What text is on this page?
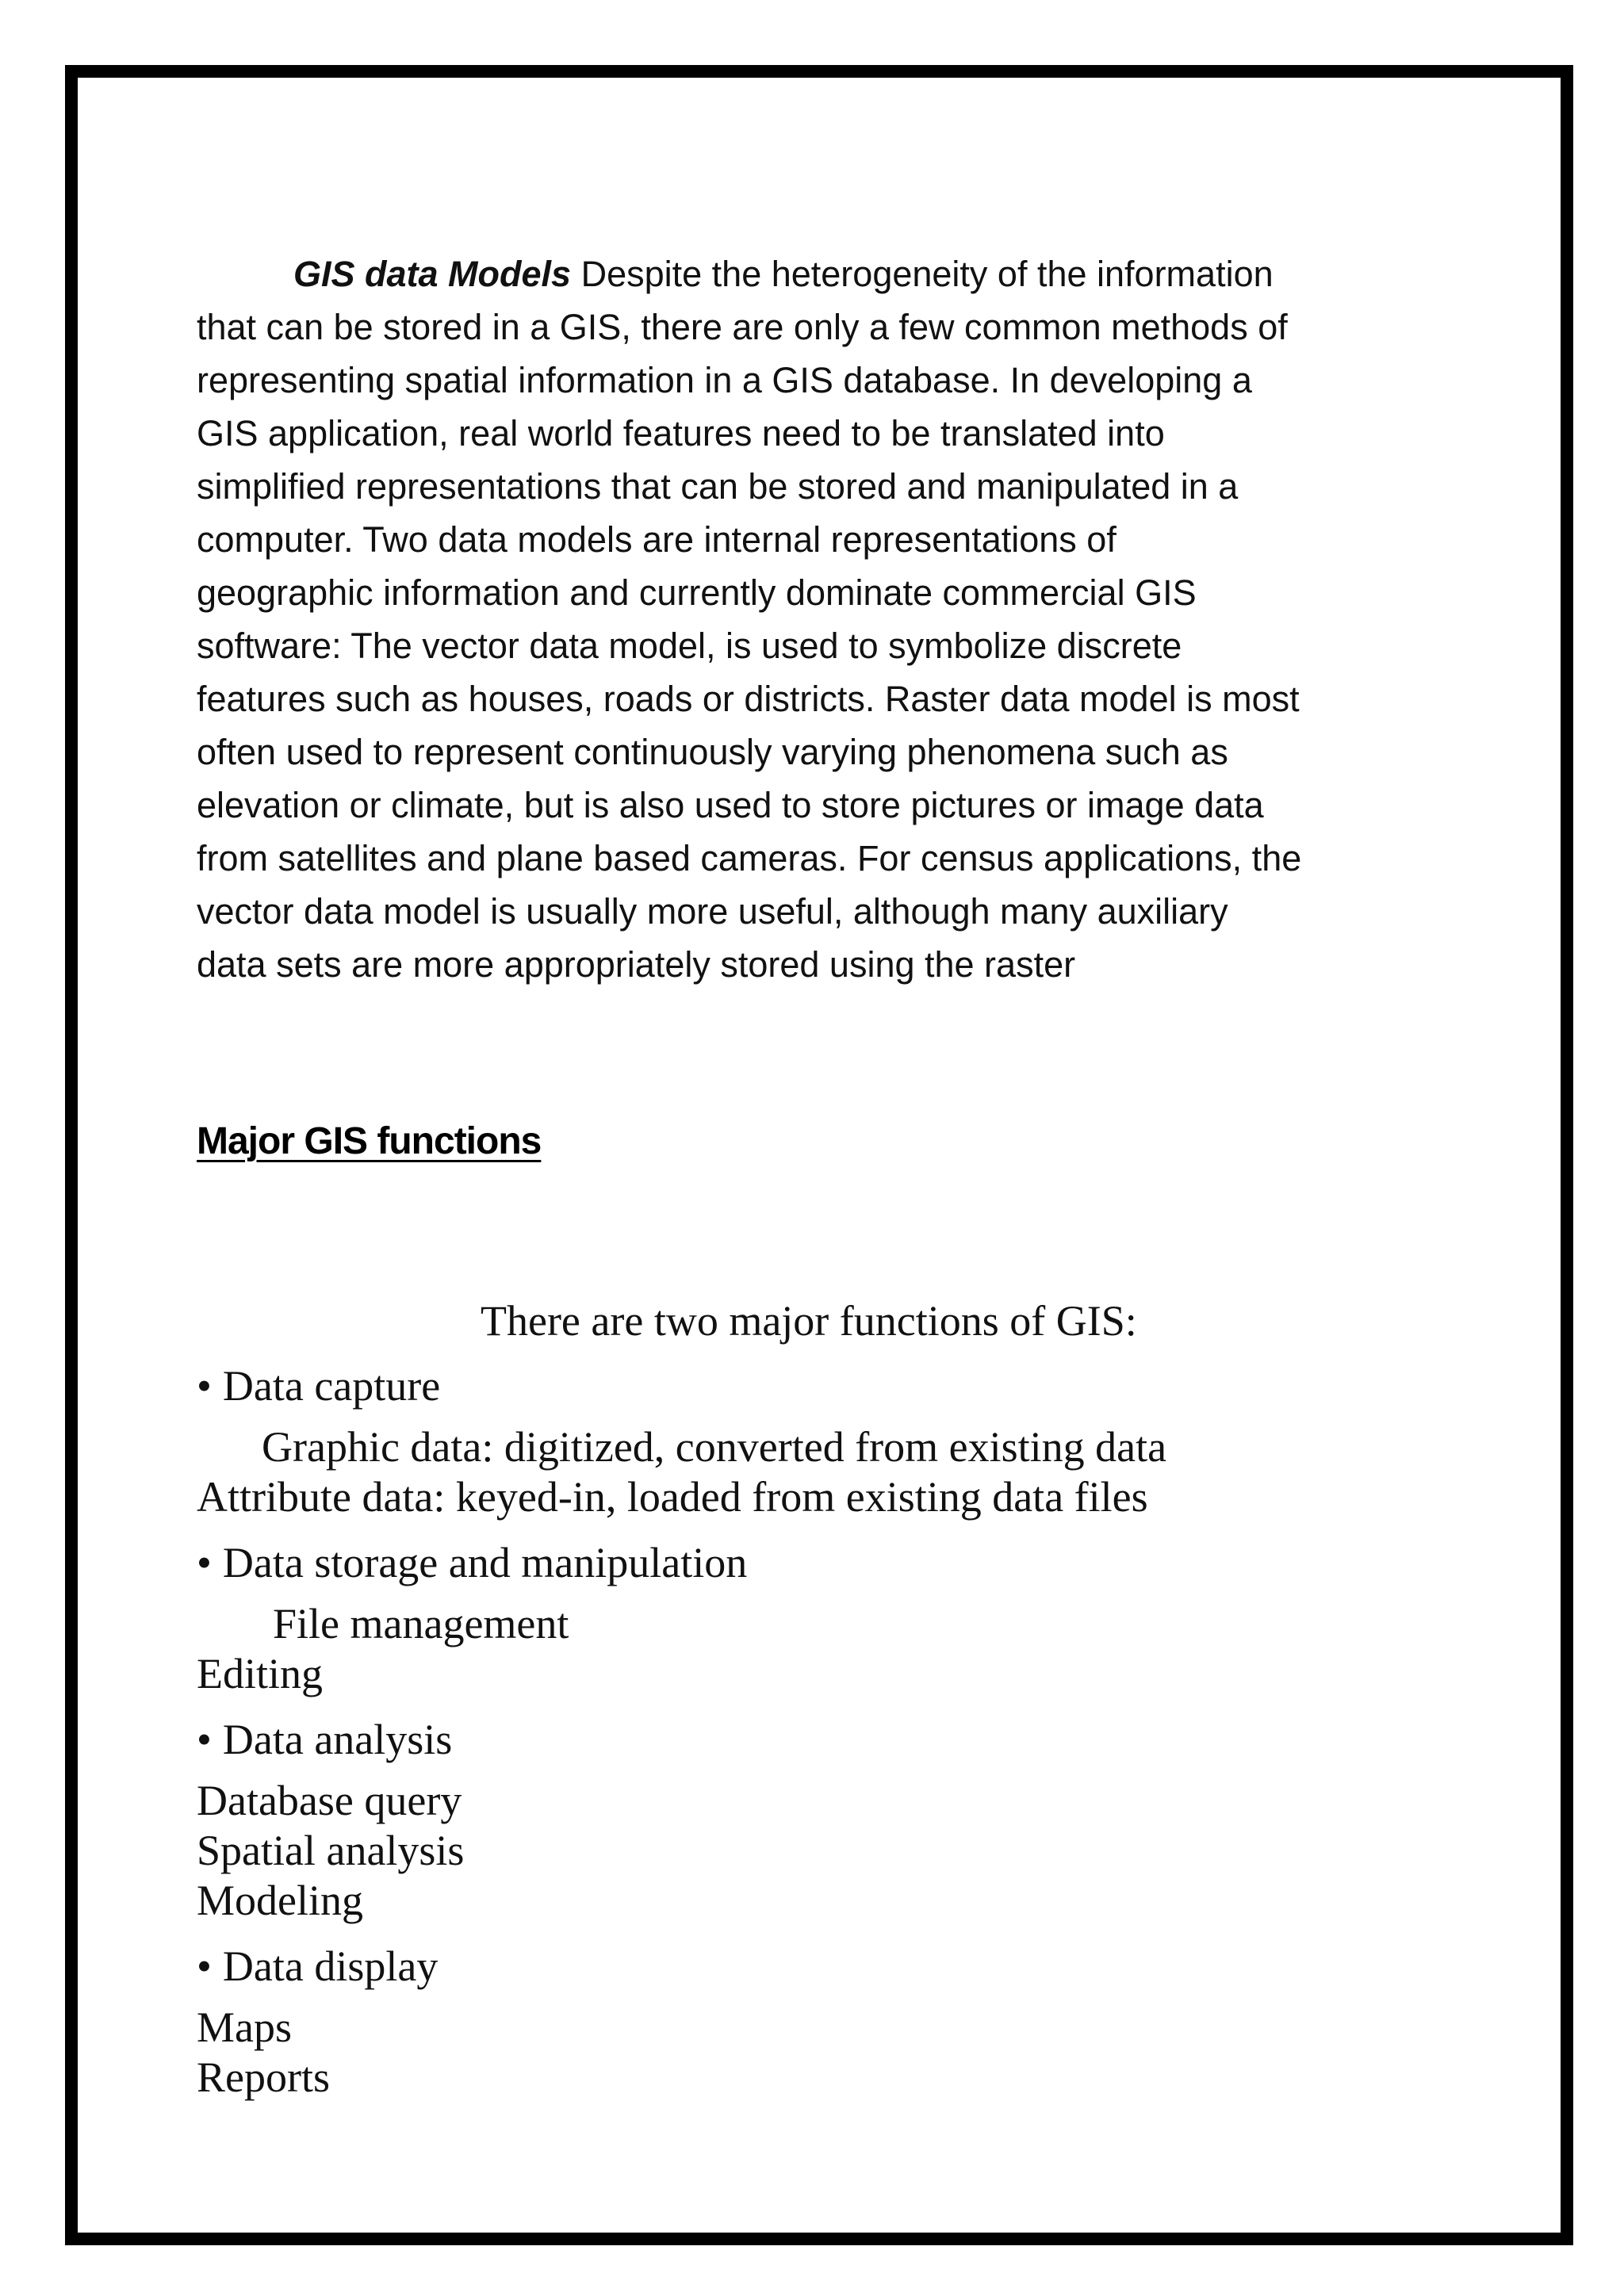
GIS data Models Despite the heterogeneity of the information
that can be stored in a GIS, there are only a few common methods of
representing spatial information in a GIS database. In developing a
GIS application, real world features need to be translated into
simplified representations that can be stored and manipulated in a
computer. Two data models are internal representations of
geographic information and currently dominate commercial GIS
software: The vector data model, is used to symbolize discrete
features such as houses, roads or districts. Raster data model is most
often used to represent continuously varying phenomena such as
elevation or climate, but is also used to store pictures or image data
from satellites and plane based cameras. For census applications, the
vector data model is usually more useful, although many auxiliary
data sets are more appropriately stored using the raster

Major GIS functions

There are two major functions of GIS:

• Data capture

Graphic data: digitized, converted from existing data

Attribute data: keyed-in, loaded from existing data files

• Data storage and manipulation

File management

Editing

• Data analysis

Database query

Spatial analysis

Modeling

• Data display

Maps

Reports
